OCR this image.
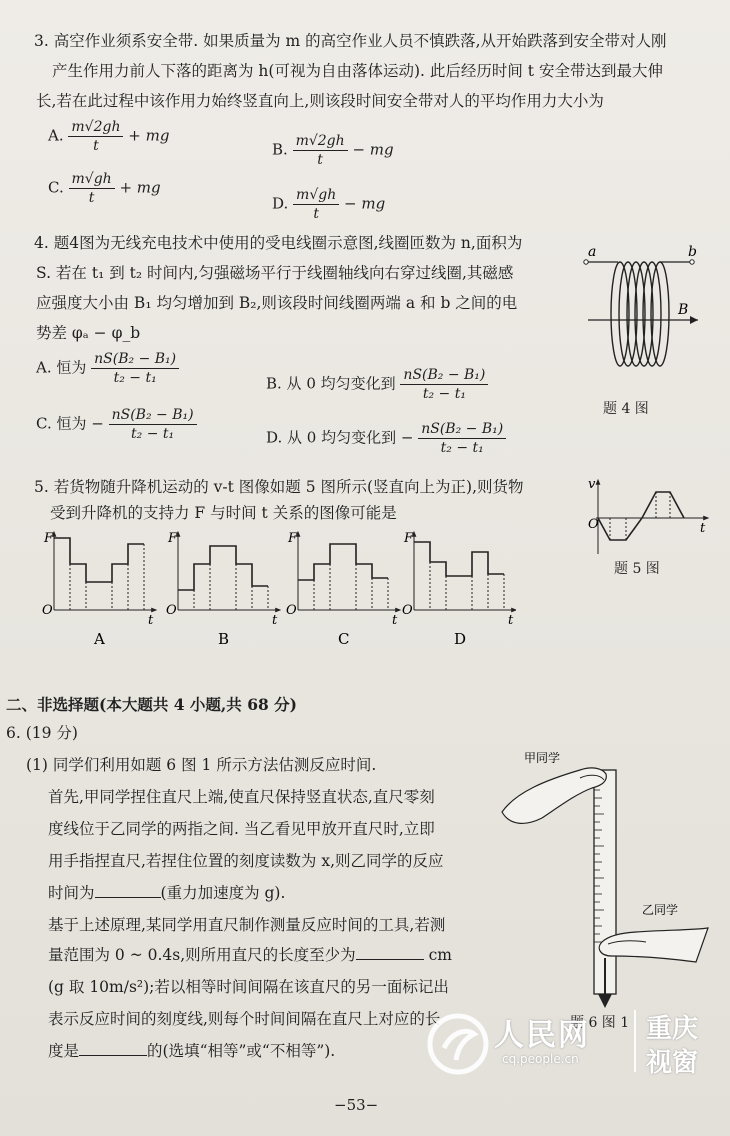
3. 高空作业须系安全带. 如果质量为 m 的高空作业人员不慎跌落,从开始跌落到安全带对人刚
产生作用力前人下落的距离为 h(可视为自由落体运动). 此后经历时间 t 安全带达到最大伸
长,若在此过程中该作用力始终竖直向上,则该段时间安全带对人的平均作用力大小为
A. $\frac{m√2gh}{t}$ + mg
B. $\frac{m√2gh}{t}$ − mg
C. $\frac{m√gh}{t}$ + mg
D. $\frac{m√gh}{t}$ − mg
4. 题4图为无线充电技术中使用的受电线圈示意图,线圈匝数为 n,面积为
S. 若在 t₁ 到 t₂ 时间内,匀强磁场平行于线圈轴线向右穿过线圈,其磁感
应强度大小由 B₁ 均匀增加到 B₂,则该段时间线圈两端 a 和 b 之间的电
势差 φₐ − φ_b
A. 恒为 $\frac{\text{nS(B₂ − B₁)}}{\text{t₂ − t₁}}$	B. 从 0 均匀变化到 $\frac{\text{nS(B₂ − B₁)}}{\text{t₂ − t₁}}$
C. 恒为 − $\frac{\text{nS(B₂ − B₁)}}{\text{t₂ − t₁}}$	D. 从 0 均匀变化到 − $\frac{\text{nS(B₂ − B₁)}}{\text{t₂ − t₁}}$
a	b
B
题 4 图
5. 若货物随升降机运动的 v-t 图像如题 5 图所示(竖直向上为正),则货物
受到升降机的支持力 F 与时间 t 关系的图像可能是
F
O
t
A
F
O
t
B
F
O
t
C
F
O
t
D
v
O	t
题 5 图
二、非选择题(本大题共 4 小题,共 68 分)
6. (19 分)
(1) 同学们利用如题 6 图 1 所示方法估测反应时间.
首先,甲同学捏住直尺上端,使直尺保持竖直状态,直尺零刻
度线位于乙同学的两指之间. 当乙看见甲放开直尺时,立即
用手指捏直尺,若捏住位置的刻度读数为 x,则乙同学的反应
时间为	(重力加速度为 g).
基于上述原理,某同学用直尺制作测量反应时间的工具,若测
量范围为 0 ~ 0.4s,则所用直尺的长度至少为	cm
(g 取 10m/s²);若以相等时间间隔在该直尺的另一面标记出
表示反应时间的刻度线,则每个时间间隔在直尺上对应的长
度是	的(选填“相等”或“不相等”).
甲同学
乙同学
题 6 图 1
−53−
人民网
cq.people.cn
重庆
视窗
